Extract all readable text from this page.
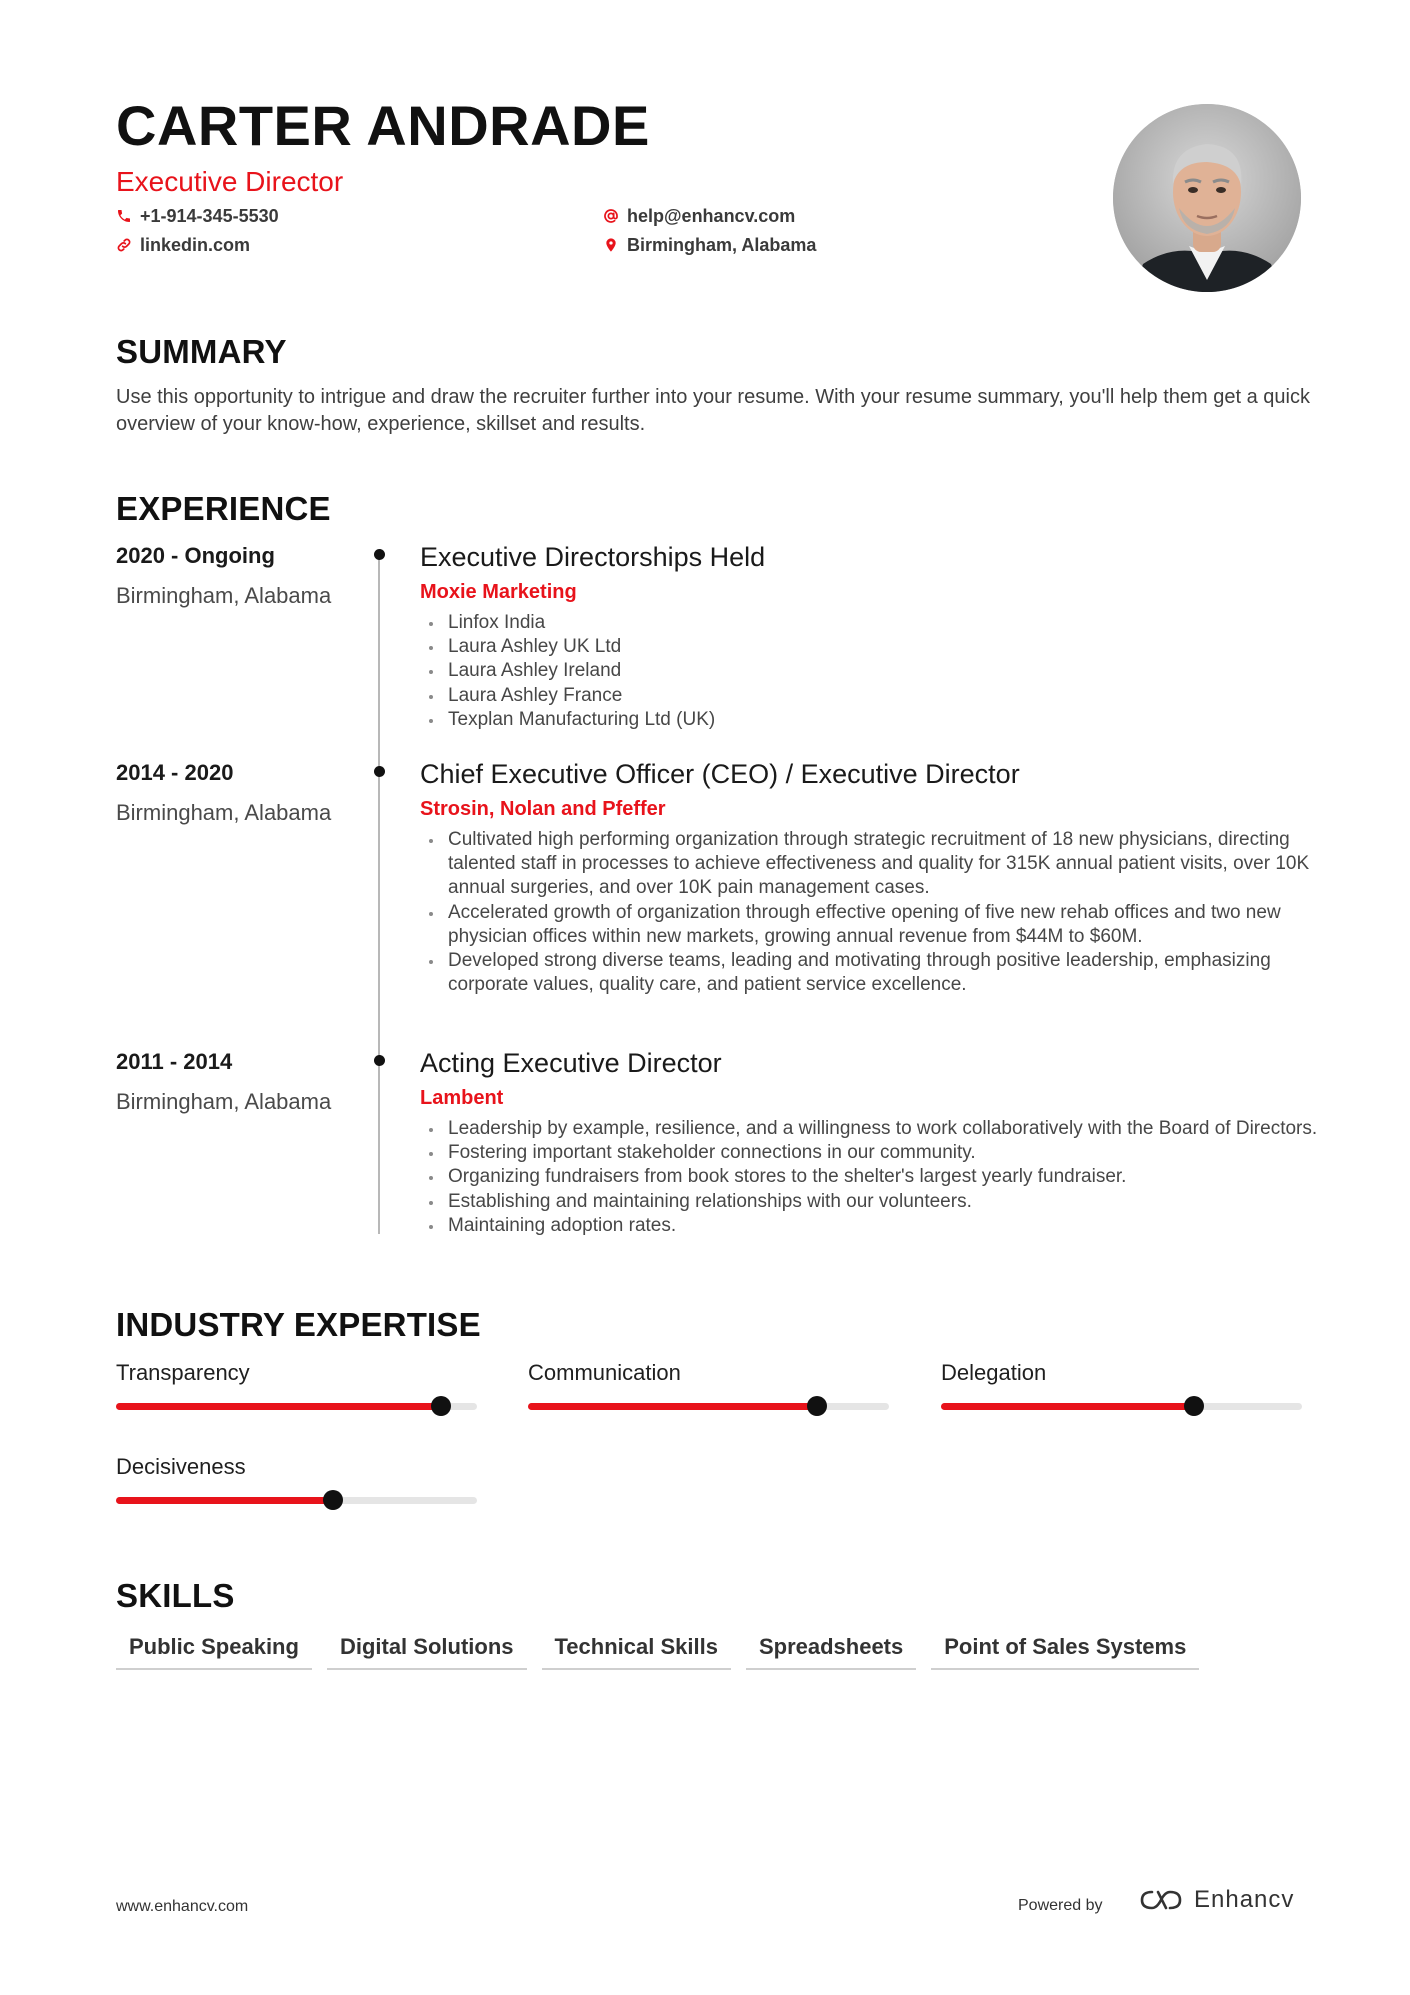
CARTER ANDRADE
Executive Director
+1-914-345-5530
linkedin.com
help@enhancv.com
Birmingham, Alabama
SUMMARY
Use this opportunity to intrigue and draw the recruiter further into your resume. With your resume summary, you'll help them get a quick overview of your know-how, experience, skillset and results.
EXPERIENCE
2020 - Ongoing
Birmingham, Alabama
Executive Directorships Held
Moxie Marketing
Linfox India
Laura Ashley UK Ltd
Laura Ashley Ireland
Laura Ashley France
Texplan Manufacturing Ltd (UK)
2014 - 2020
Birmingham, Alabama
Chief Executive Officer (CEO) / Executive Director
Strosin, Nolan and Pfeffer
Cultivated high performing organization through strategic recruitment of 18 new physicians, directing talented staff in processes to achieve effectiveness and quality for 315K annual patient visits, over 10K annual surgeries, and over 10K pain management cases.
Accelerated growth of organization through effective opening of five new rehab offices and two new physician offices within new markets, growing annual revenue from $44M to $60M.
Developed strong diverse teams, leading and motivating through positive leadership, emphasizing corporate values, quality care, and patient service excellence.
2011 - 2014
Birmingham, Alabama
Acting Executive Director
Lambent
Leadership by example, resilience, and a willingness to work collaboratively with the Board of Directors.
Fostering important stakeholder connections in our community.
Organizing fundraisers from book stores to the shelter's largest yearly fundraiser.
Establishing and maintaining relationships with our volunteers.
Maintaining adoption rates.
INDUSTRY EXPERTISE
Transparency	Communication	Delegation
Decisiveness
SKILLS
Public Speaking	Digital Solutions	Technical Skills	Spreadsheets	Point of Sales Systems
www.enhancv.com	Powered by	Enhancv
